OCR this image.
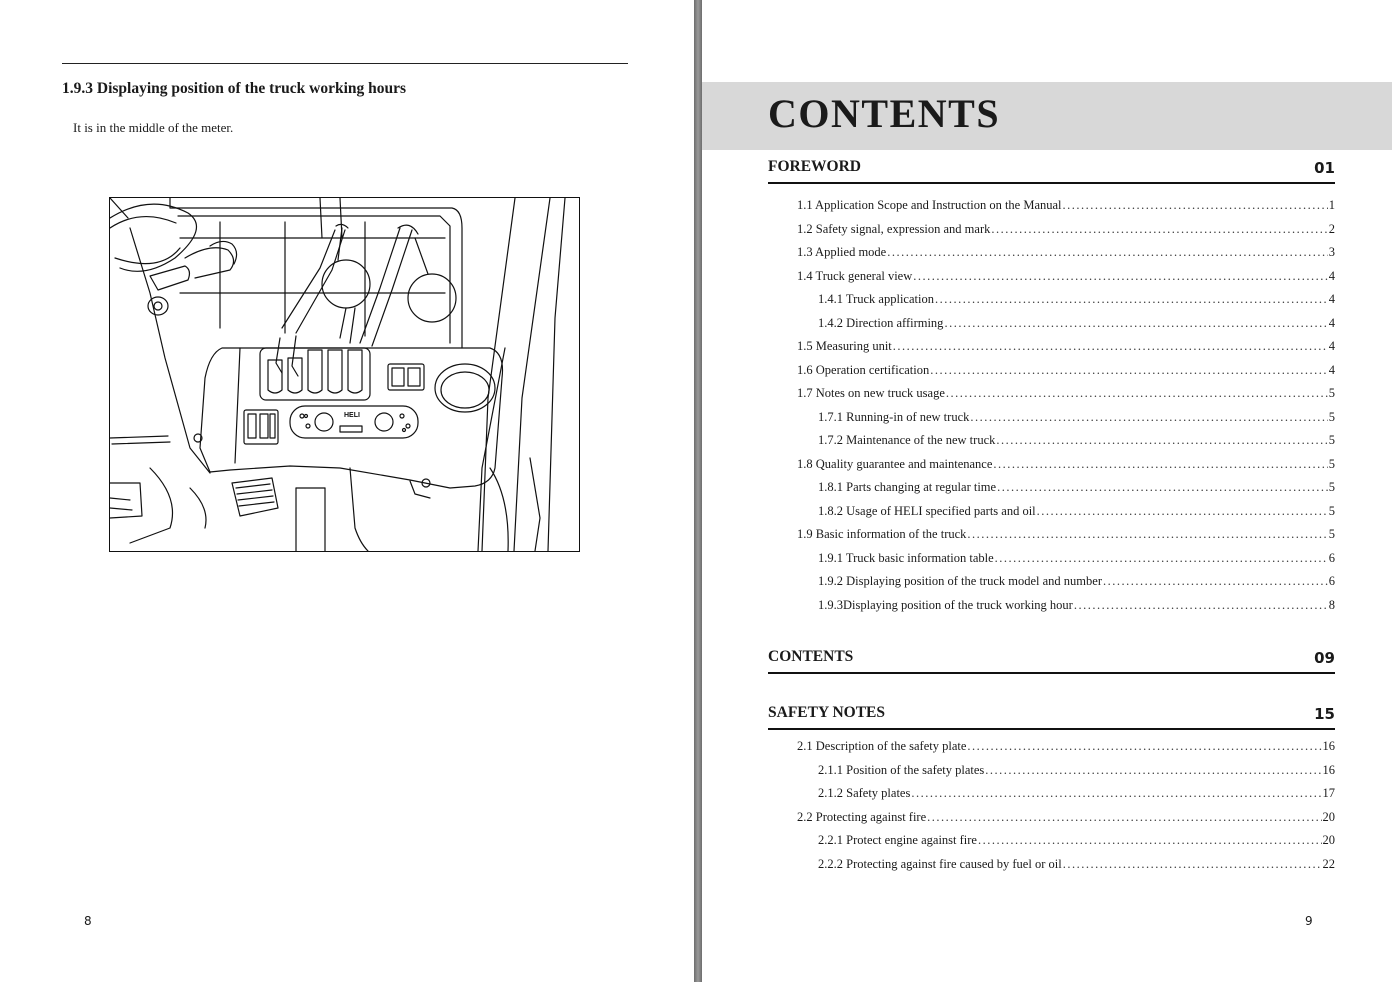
1.9.3 Displaying position of the truck working hours
It is in the middle of the meter.
HELI
8
CONTENTS
FOREWORD	01
1.1 Application Scope and Instruction on the Manual .....	1
1.2 Safety signal, expression and mark .....	2
1.3 Applied mode .....	3
1.4 Truck general view .....	4
1.4.1 Truck application .....	4
1.4.2 Direction affirming .....	4
1.5 Measuring unit .....	4
1.6 Operation certification .....	4
1.7 Notes on new truck usage .....	5
1.7.1 Running-in of new truck .....	5
1.7.2 Maintenance of the new truck .....	5
1.8 Quality guarantee and maintenance .....	5
1.8.1 Parts changing at regular time .....	5
1.8.2 Usage of HELI specified parts and oil .....	5
1.9 Basic information of the truck .....	5
1.9.1 Truck basic information table .....	6
1.9.2 Displaying position of the truck model and number .....	6
1.9.3Displaying position of the truck working hour .....	8
CONTENTS	09
SAFETY NOTES	15
2.1 Description of the safety plate .....	16
2.1.1 Position of the safety plates .....	16
2.1.2 Safety plates .....	17
2.2 Protecting against fire .....	20
2.2.1 Protect engine against fire .....	20
2.2.2 Protecting against fire caused by fuel or oil .....	22
9
